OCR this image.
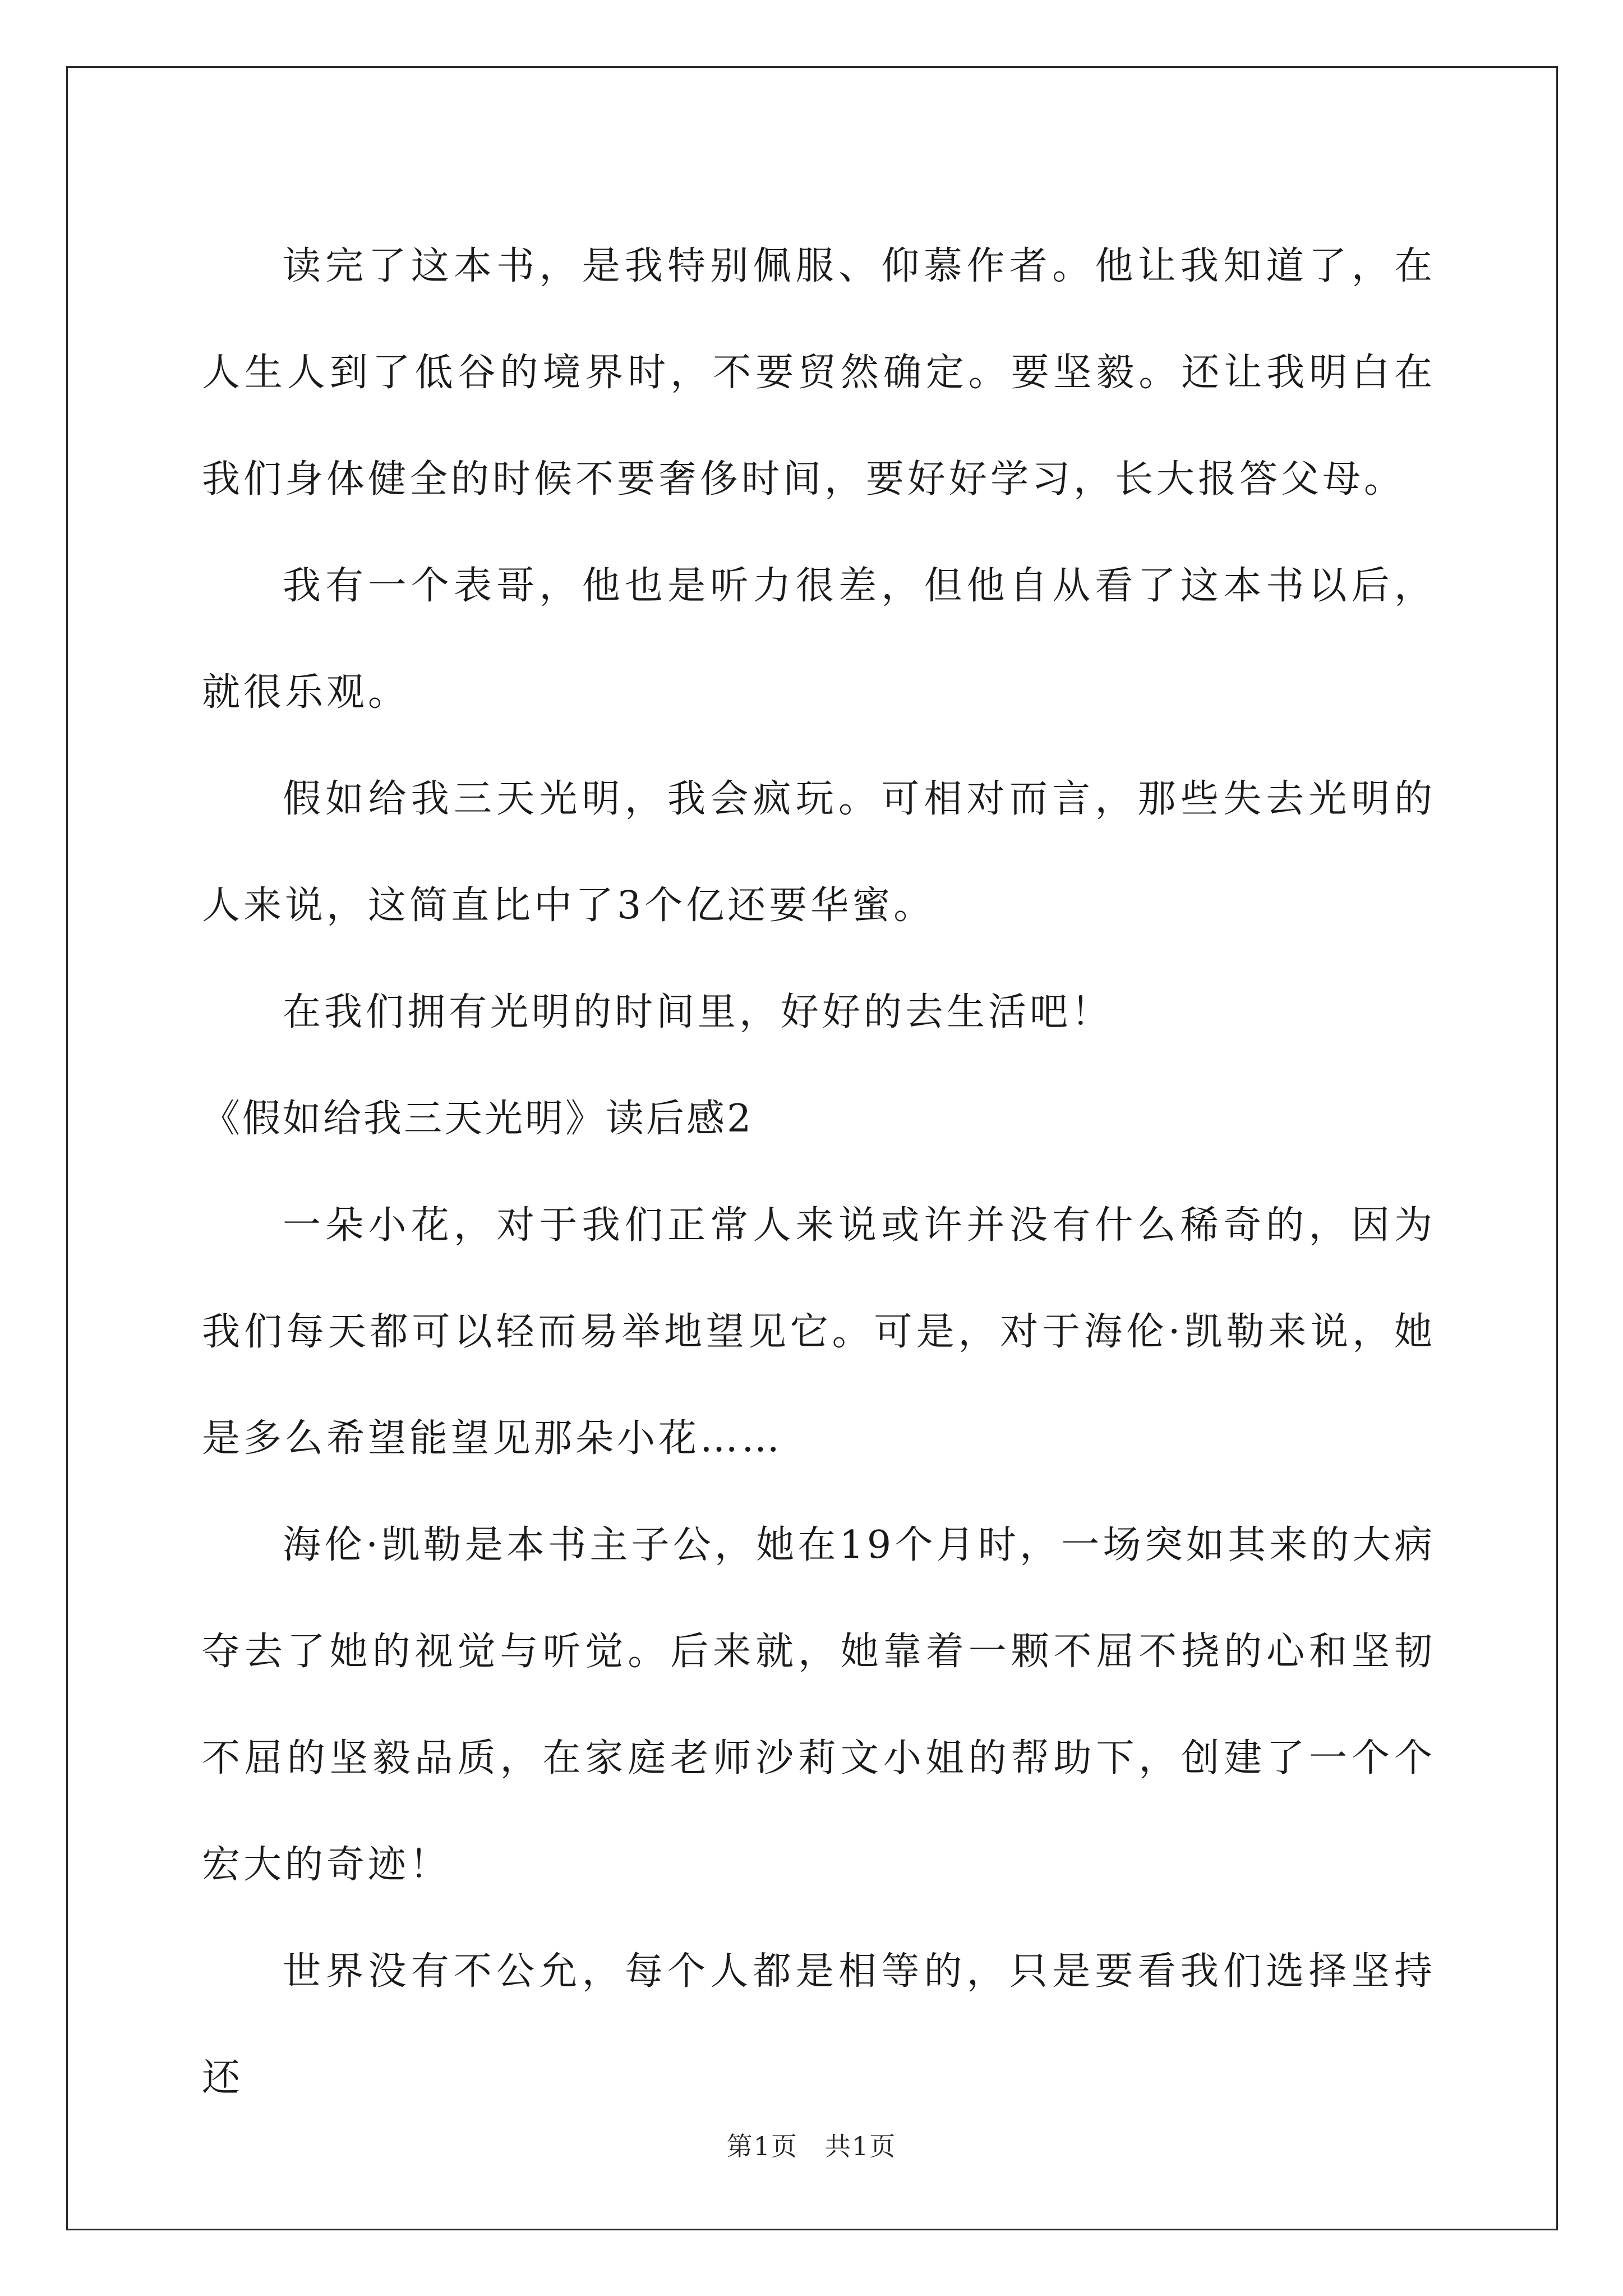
读完了这本书，是我特别佩服、仰慕作者。他让我知道了，在人生人到了低谷的境界时，不要贸然确定。要坚毅。还让我明白在我们身体健全的时候不要奢侈时间，要好好学习，长大报答父母。

我有一个表哥，他也是听力很差，但他自从看了这本书以后，就很乐观。

假如给我三天光明，我会疯玩。可相对而言，那些失去光明的人来说，这简直比中了3个亿还要华蜜。

在我们拥有光明的时间里，好好的去生活吧！

《假如给我三天光明》读后感2

一朵小花，对于我们正常人来说或许并没有什么稀奇的，因为我们每天都可以轻而易举地望见它。可是，对于海伦·凯勒来说，她是多么希望能望见那朵小花……

海伦·凯勒是本书主子公，她在19个月时，一场突如其来的大病夺去了她的视觉与听觉。后来就，她靠着一颗不屈不挠的心和坚韧不屈的坚毅品质，在家庭老师沙莉文小姐的帮助下，创建了一个个宏大的奇迹！

世界没有不公允，每个人都是相等的，只是要看我们选择坚持还

第1页　共1页
